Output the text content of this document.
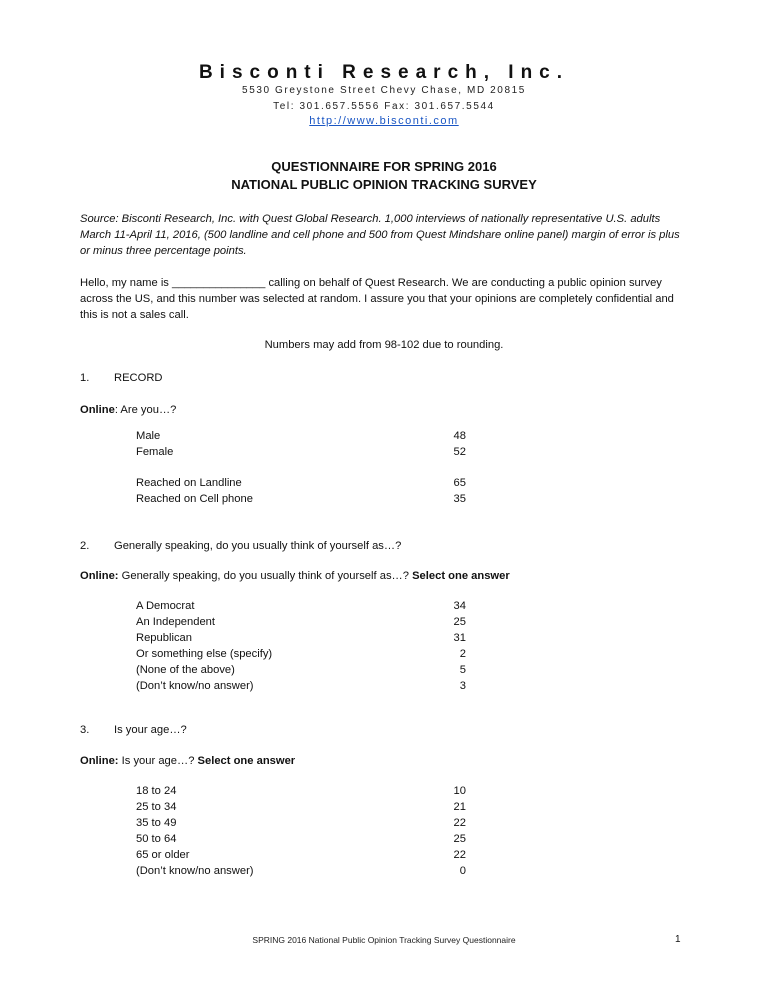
Bisconti Research, Inc.
5530 Greystone Street Chevy Chase, MD 20815
Tel: 301.657.5556 Fax: 301.657.5544
http://www.bisconti.com
QUESTIONNAIRE FOR SPRING 2016
NATIONAL PUBLIC OPINION TRACKING SURVEY
Source: Bisconti Research, Inc. with Quest Global Research. 1,000 interviews of nationally representative U.S. adults March 11-April 11, 2016, (500 landline and cell phone and 500 from Quest Mindshare online panel) margin of error is plus or minus three percentage points.
Hello, my name is _______________ calling on behalf of Quest Research. We are conducting a public opinion survey across the US, and this number was selected at random. I assure you that your opinions are completely confidential and this is not a sales call.
Numbers may add from 98-102 due to rounding.
1. RECORD
Online: Are you…?
Male	48
Female	52
Reached on Landline	65
Reached on Cell phone	35
2. Generally speaking, do you usually think of yourself as…?
Online: Generally speaking, do you usually think of yourself as…? Select one answer
A Democrat	34
An Independent	25
Republican	31
Or something else (specify)	2
(None of the above)	5
(Don’t know/no answer)	3
3. Is your age…?
Online: Is your age…? Select one answer
18 to 24	10
25 to 34	21
35 to 49	22
50 to 64	25
65 or older	22
(Don’t know/no answer)	0
SPRING 2016 National Public Opinion Tracking Survey Questionnaire	1
